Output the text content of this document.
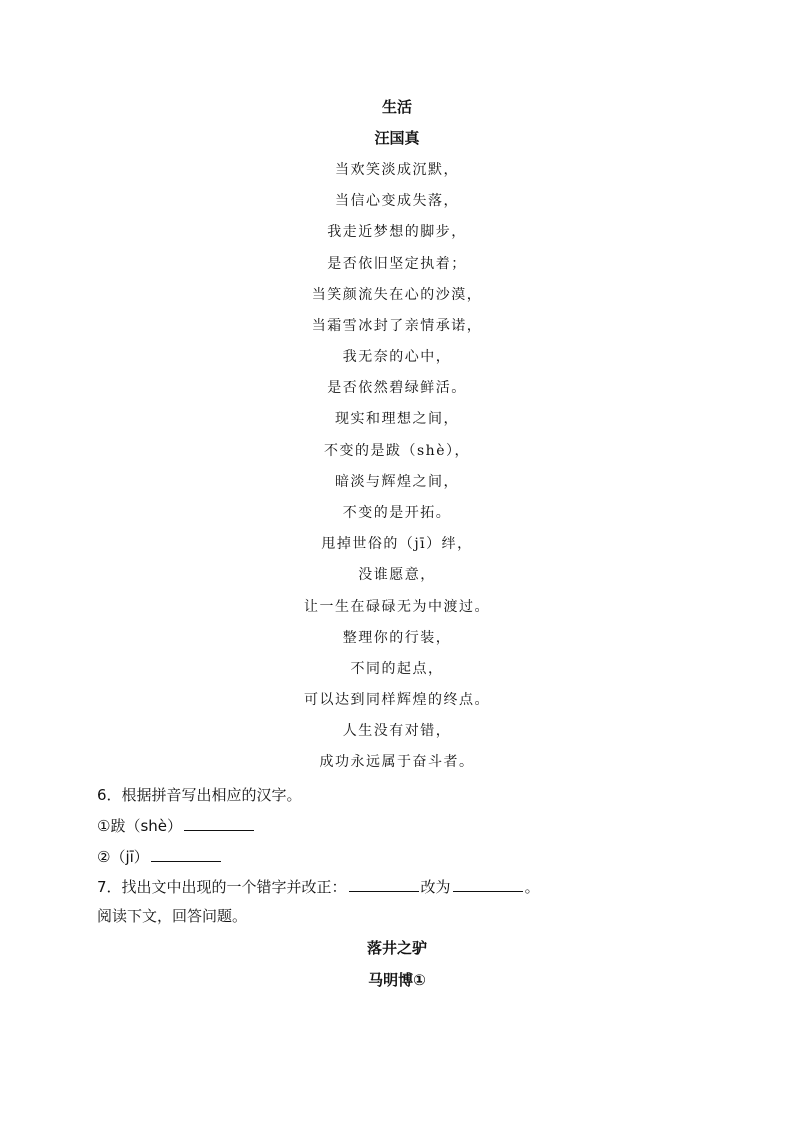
生活
汪国真
当欢笑淡成沉默，
当信心变成失落，
我走近梦想的脚步，
是否依旧坚定执着；
当笑颜流失在心的沙漠，
当霜雪冰封了亲情承诺，
我无奈的心中，
是否依然碧绿鲜活。
现实和理想之间，
不变的是跋（shè），
暗淡与辉煌之间，
不变的是开拓。
甩掉世俗的（jī）绊，
没谁愿意，
让一生在碌碌无为中渡过。
整理你的行装，
不同的起点，
可以达到同样辉煌的终点。
人生没有对错，
成功永远属于奋斗者。
6．根据拼音写出相应的汉字。
①跋（shè）
②（jī）
7．找出文中出现的一个错字并改正：	改为	。
阅读下文，回答问题。
落井之驴
马明博①
